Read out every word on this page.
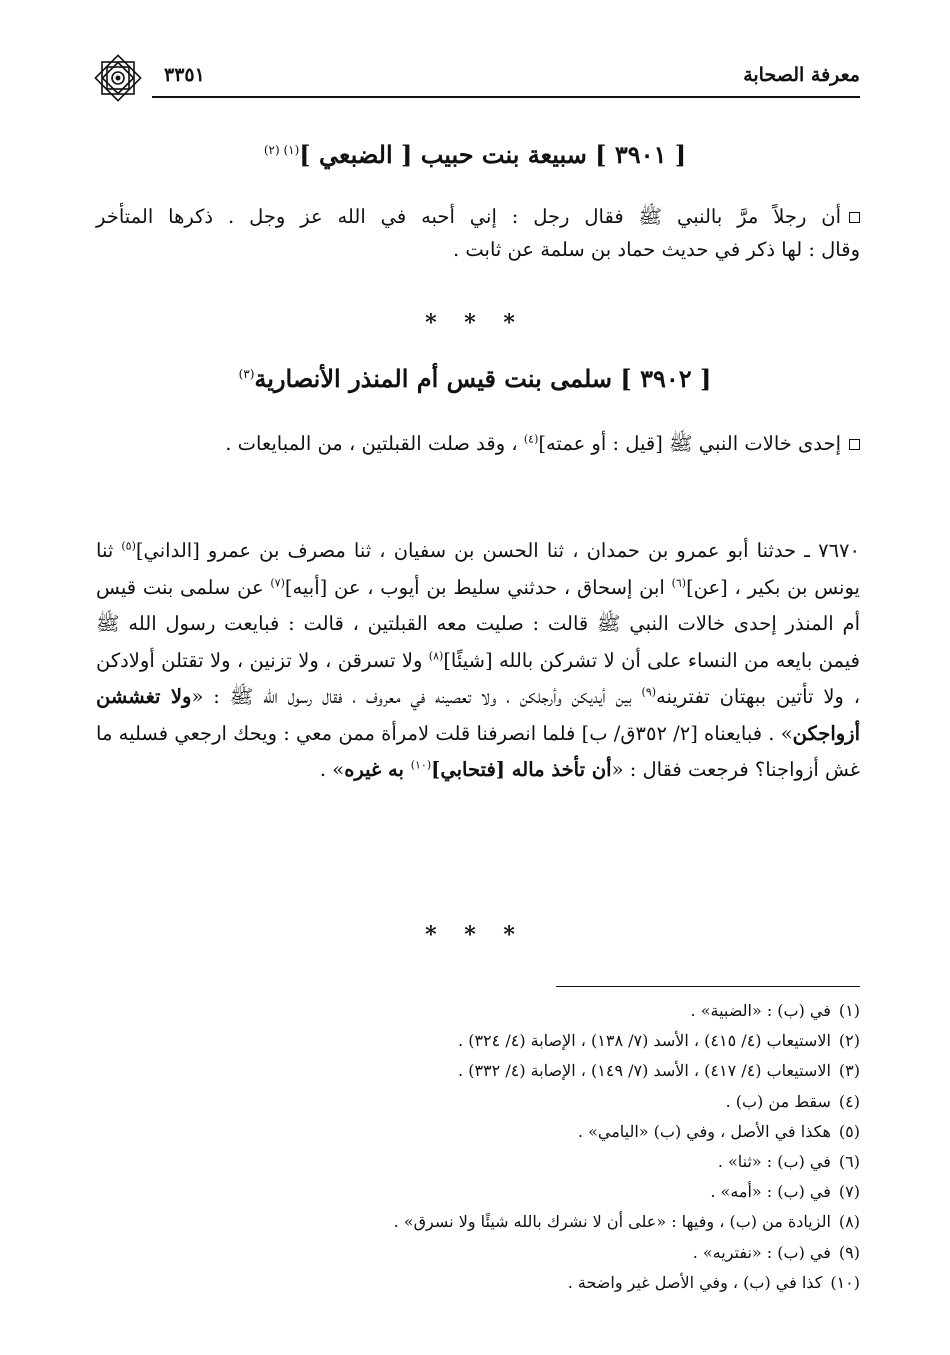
معرفة الصحابة
٣٣٥١
[ ٣٩٠١ ] سبيعة بنت حبيب [ الضبعي ]$^{(١) (٢)}$
أن رجلاً مرَّ بالنبي ﷺ فقال رجل : إني أحبه في الله عز وجل . ذكرها المتأخر
وقال : لها ذكر في حديث حماد بن سلمة عن ثابت .
* * *
[ ٣٩٠٢ ] سلمى بنت قيس أم المنذر الأنصارية$^{(٣)}$
إحدى خالات النبي ﷺ [قيل : أو عمته]$^{(٤)}$ ، وقد صلت القبلتين ، من المبايعات .
٧٦٧٠ ـ حدثنا أبو عمرو بن حمدان ، ثنا الحسن بن سفيان ، ثنا مصرف بن عمرو [الداني]$^{(٥)}$ ثنا يونس بن بكير ، [عن]$^{(٦)}$ ابن إسحاق ، حدثني سليط بن أيوب ، عن [أبيه]$^{(٧)}$ عن سلمى بنت قيس أم المنذر إحدى خالات النبي ﷺ قالت : صليت معه القبلتين ، قالت : فبايعت رسول الله ﷺ فيمن بايعه من النساء على أن لا تشركن بالله [شيئًا]$^{(٨)}$ ولا تسرقن ، ولا تزنين ، ولا تقتلن أولادكن ، ولا تأتين ببهتان تفترينه$^{(٩)}$ بين أيديكن وأرجلكن ، ولا تعصينه في معروف ، فقال رسول الله ﷺ : «ولا تغششن أزواجكن» . فبايعناه [٢/ ٣٥٢ق/ ب] فلما انصرفنا قلت لامرأة ممن معي : ويحك ارجعي فسليه ما غش أزواجنا؟ فرجعت فقال : «أن تأخذ ماله [فتحابي]$^{(١٠)}$ به غيره» .
* * *
(١)في (ب) : «الضبية» .
(٢)الاستيعاب (٤/ ٤١٥) ، الأسد (٧/ ١٣٨) ، الإصابة (٤/ ٣٢٤) .
(٣)الاستيعاب (٤/ ٤١٧) ، الأسد (٧/ ١٤٩) ، الإصابة (٤/ ٣٣٢) .
(٤)سقط من (ب) .
(٥)هكذا في الأصل ، وفي (ب) «اليامي» .
(٦)في (ب) : «ثنا» .
(٧)في (ب) : «أمه» .
(٨)الزيادة من (ب) ، وفيها : «على أن لا نشرك بالله شيئًا ولا نسرق» .
(٩)في (ب) : «نفتريه» .
(١٠)كذا في (ب) ، وفي الأصل غير واضحة .
